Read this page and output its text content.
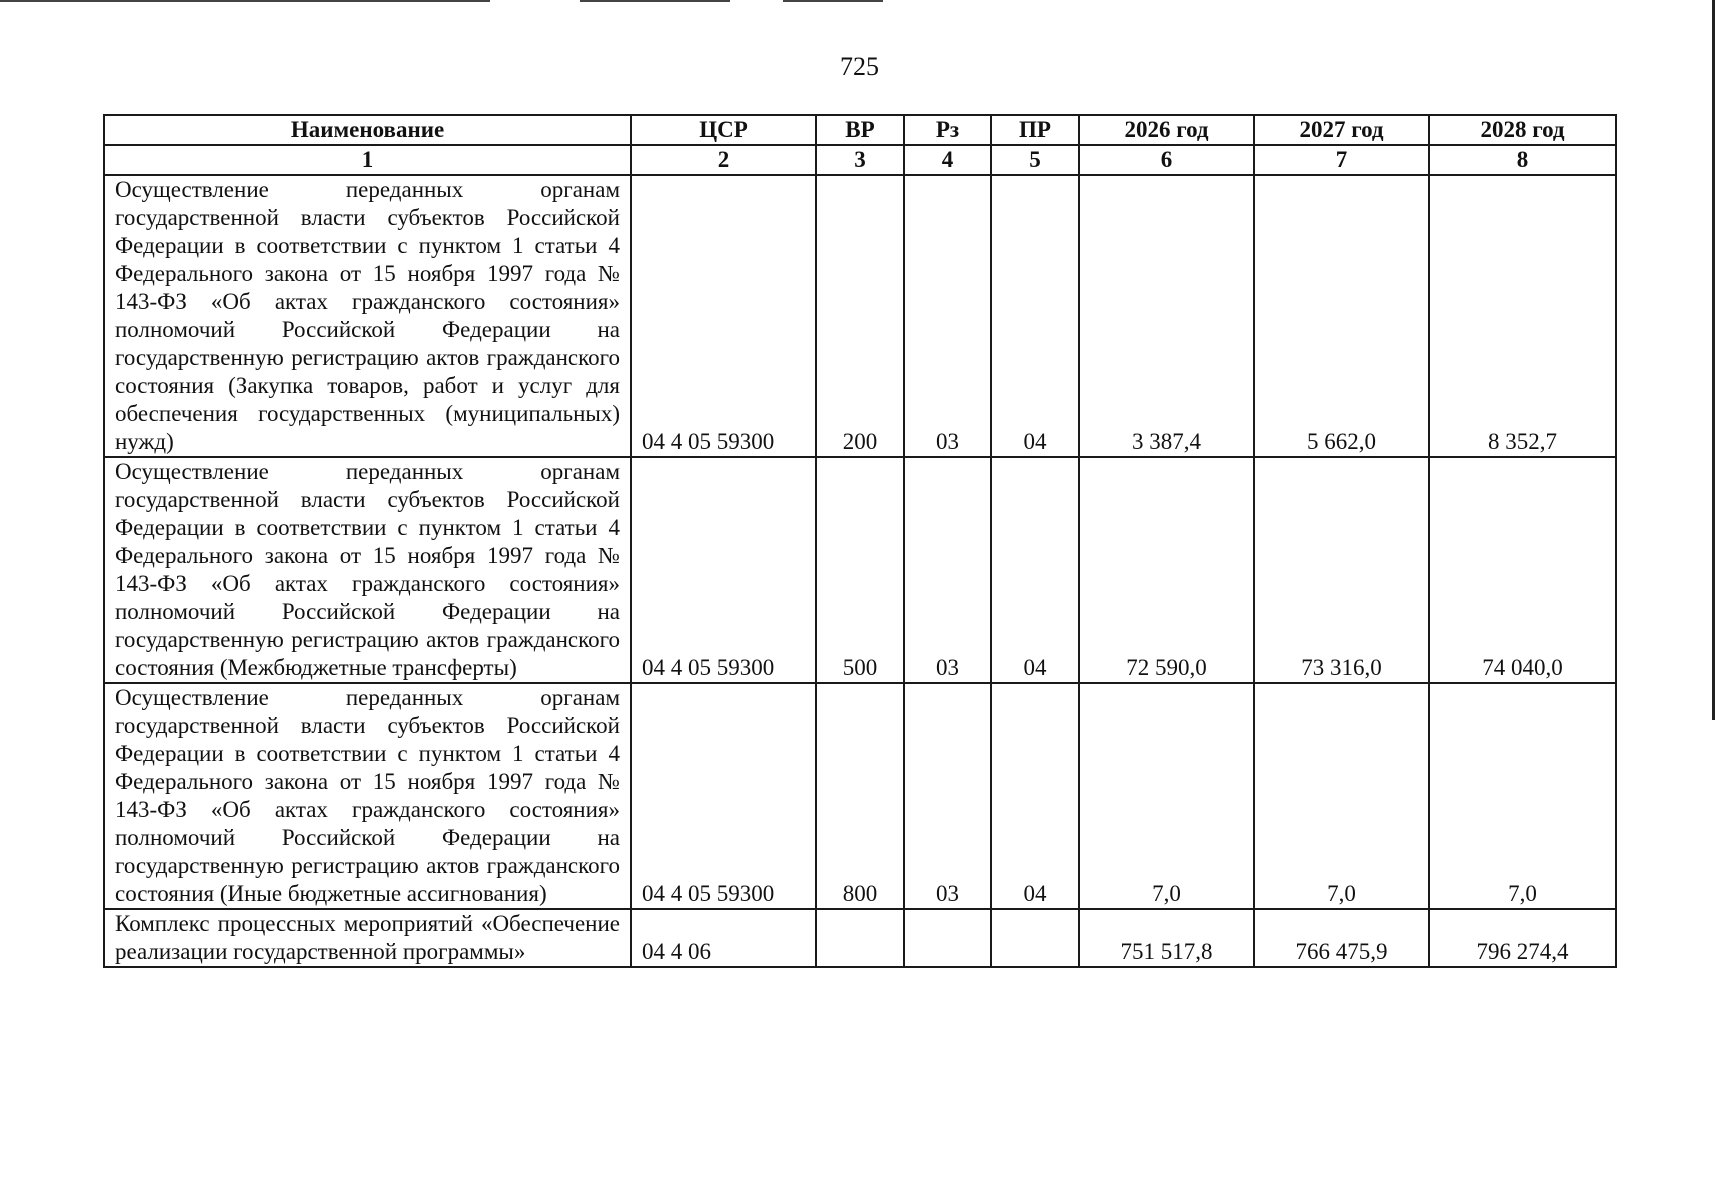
725
Наименование	ЦСР	ВР	Рз	ПР	2026 год	2027 год	2028 год
1	2	3	4	5	6	7	8
Осуществление переданных органам государственной власти субъектов Российской Федерации в соответствии с пунктом 1 статьи 4 Федерального закона от 15 ноября 1997 года № 143-ФЗ «Об актах гражданского состояния» полномочий Российской Федерации на государственную регистрацию актов гражданского состояния (Закупка товаров, работ и услуг для обеспечения государственных (муниципальных) нужд)	04 4 05 59300	200	03	04	3 387,4	5 662,0	8 352,7
Осуществление переданных органам государственной власти субъектов Российской Федерации в соответствии с пунктом 1 статьи 4 Федерального закона от 15 ноября 1997 года № 143-ФЗ «Об актах гражданского состояния» полномочий Российской Федерации на государственную регистрацию актов гражданского состояния (Межбюджетные трансферты)	04 4 05 59300	500	03	04	72 590,0	73 316,0	74 040,0
Осуществление переданных органам государственной власти субъектов Российской Федерации в соответствии с пунктом 1 статьи 4 Федерального закона от 15 ноября 1997 года № 143-ФЗ «Об актах гражданского состояния» полномочий Российской Федерации на государственную регистрацию актов гражданского состояния (Иные бюджетные ассигнования)	04 4 05 59300	800	03	04	7,0	7,0	7,0
Комплекс процессных мероприятий «Обеспечение реализации государственной программы»	04 4 06				751 517,8	766 475,9	796 274,4
